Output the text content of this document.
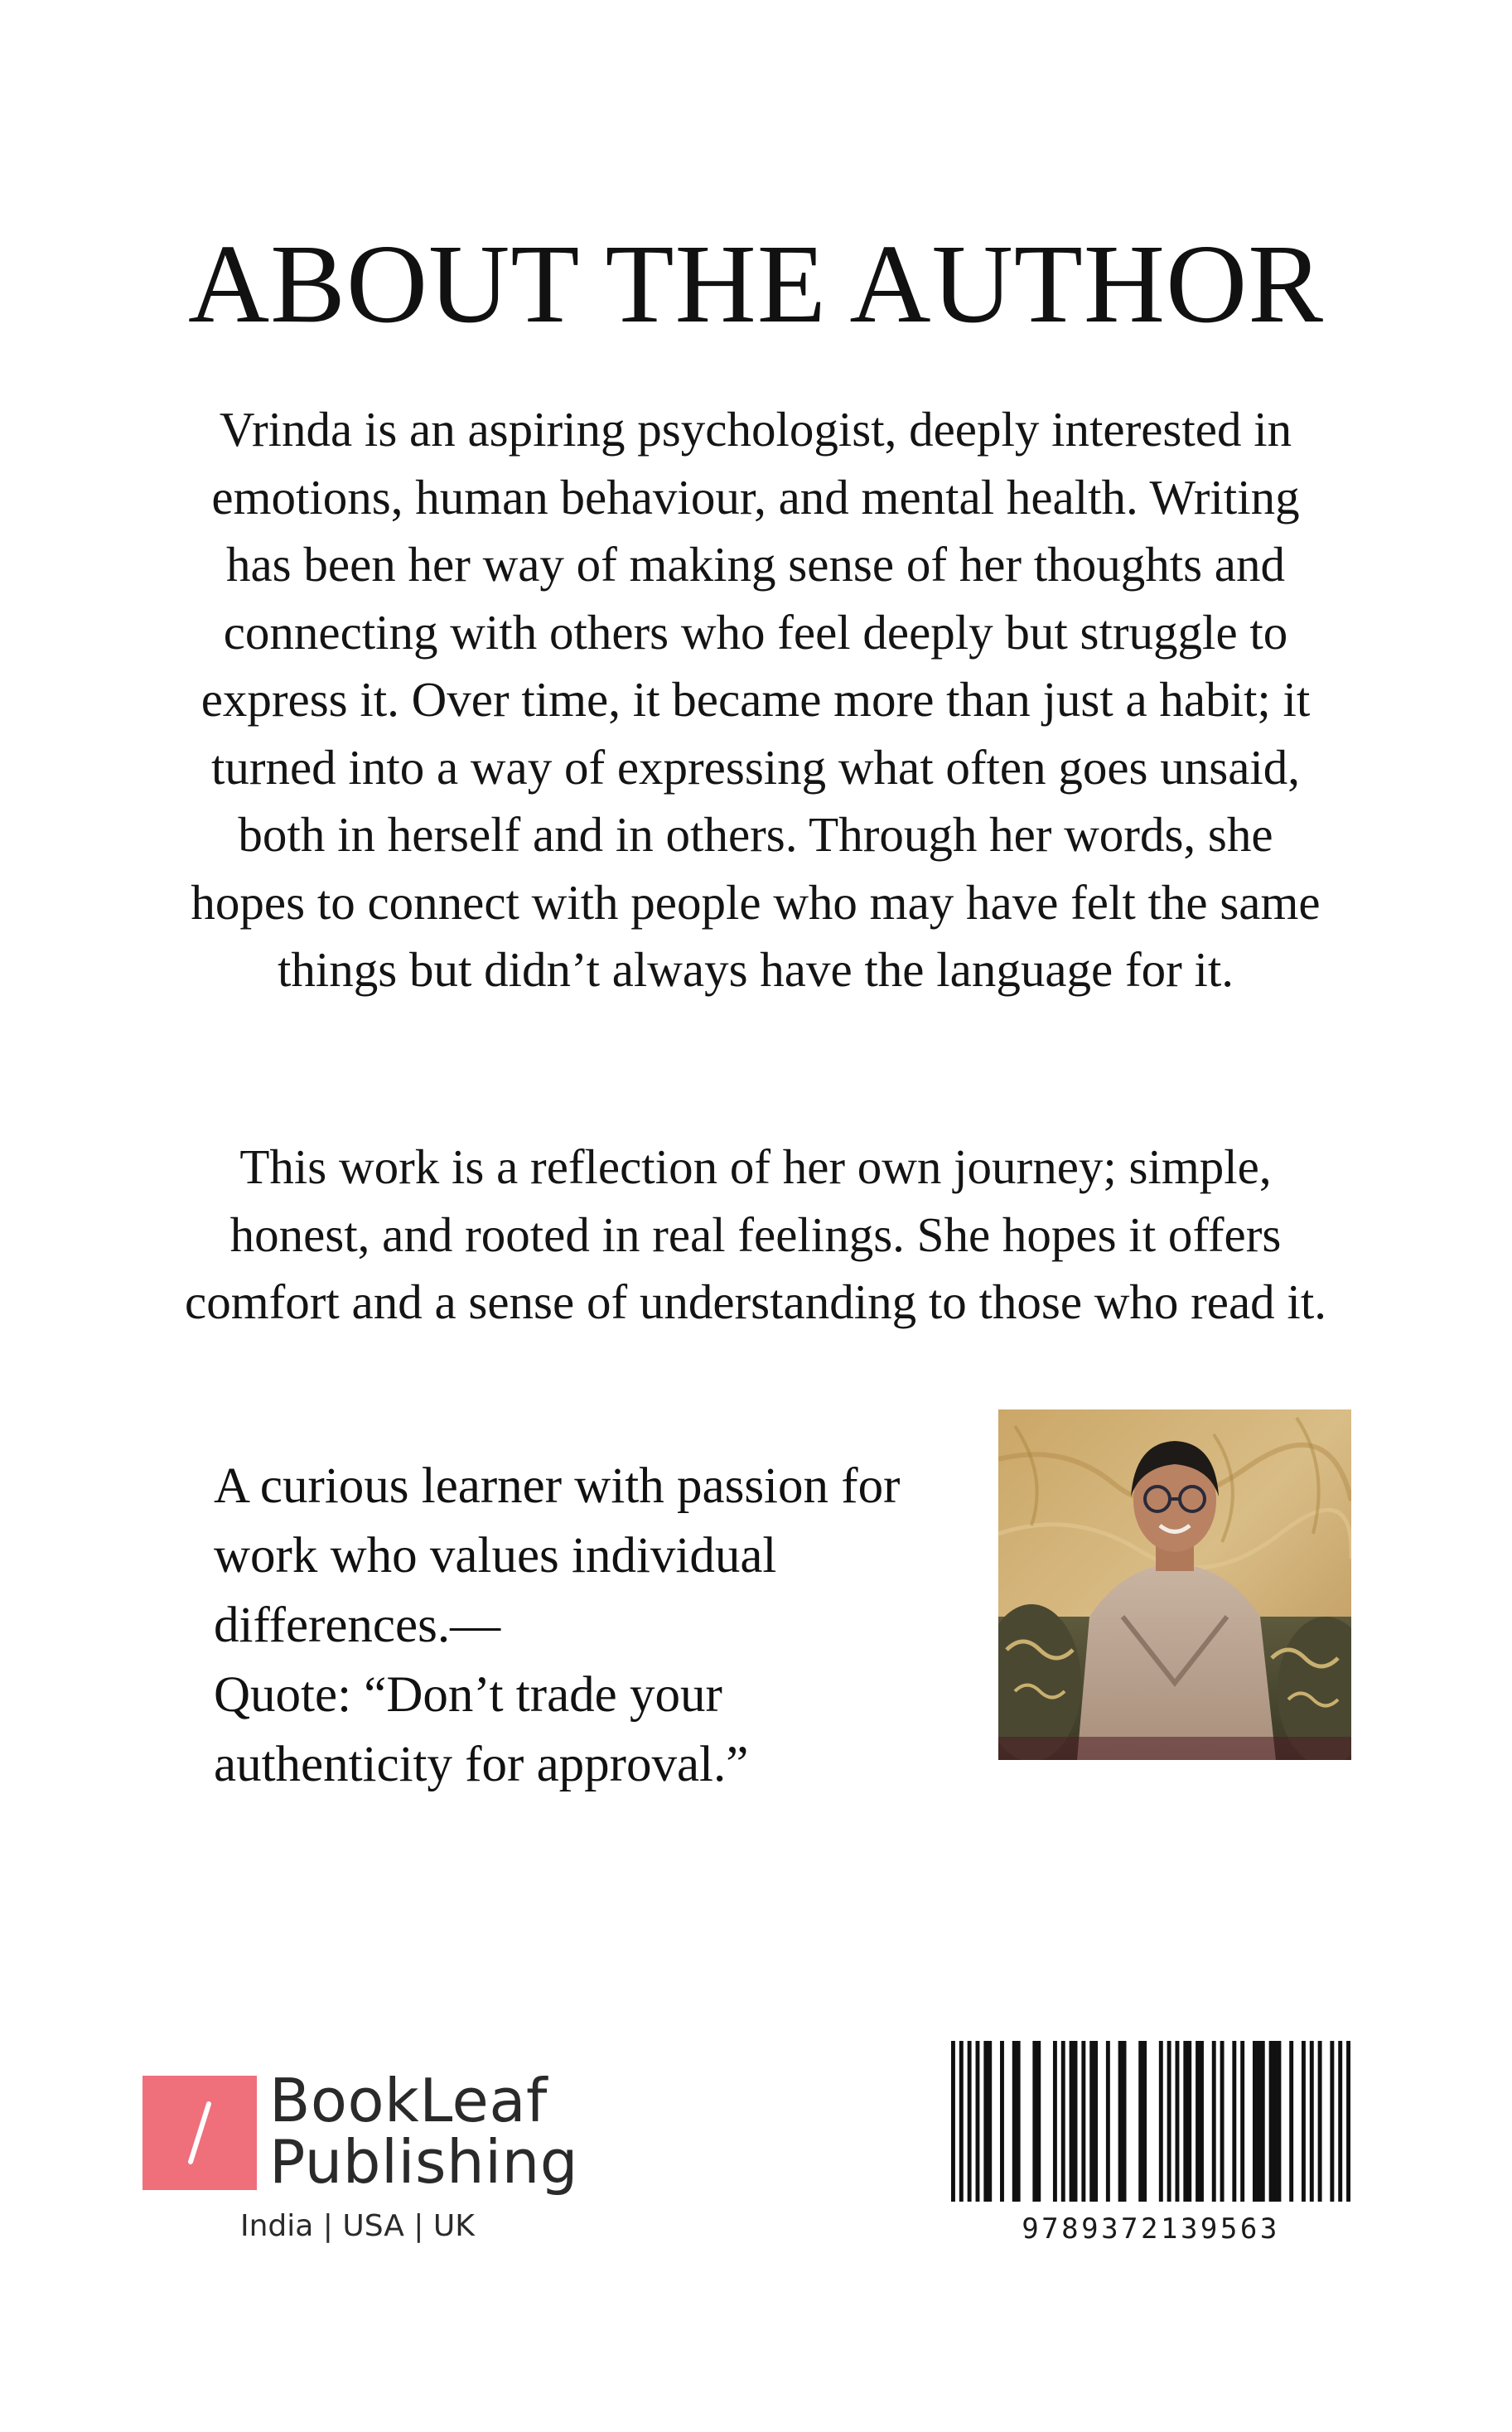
ABOUT THE AUTHOR

Vrinda is an aspiring psychologist, deeply interested in emotions, human behaviour, and mental health. Writing has been her way of making sense of her thoughts and connecting with others who feel deeply but struggle to express it. Over time, it became more than just a habit; it turned into a way of expressing what often goes unsaid, both in herself and in others. Through her words, she hopes to connect with people who may have felt the same things but didn’t always have the language for it.

This work is a reflection of her own journey; simple, honest, and rooted in real feelings. She hopes it offers comfort and a sense of understanding to those who read it.

A curious learner with passion for
work who values individual
differences.—
Quote: “Don’t trade your
authenticity for approval.”
BookLeaf
Publishing
India | USA | UK	9789372139563
